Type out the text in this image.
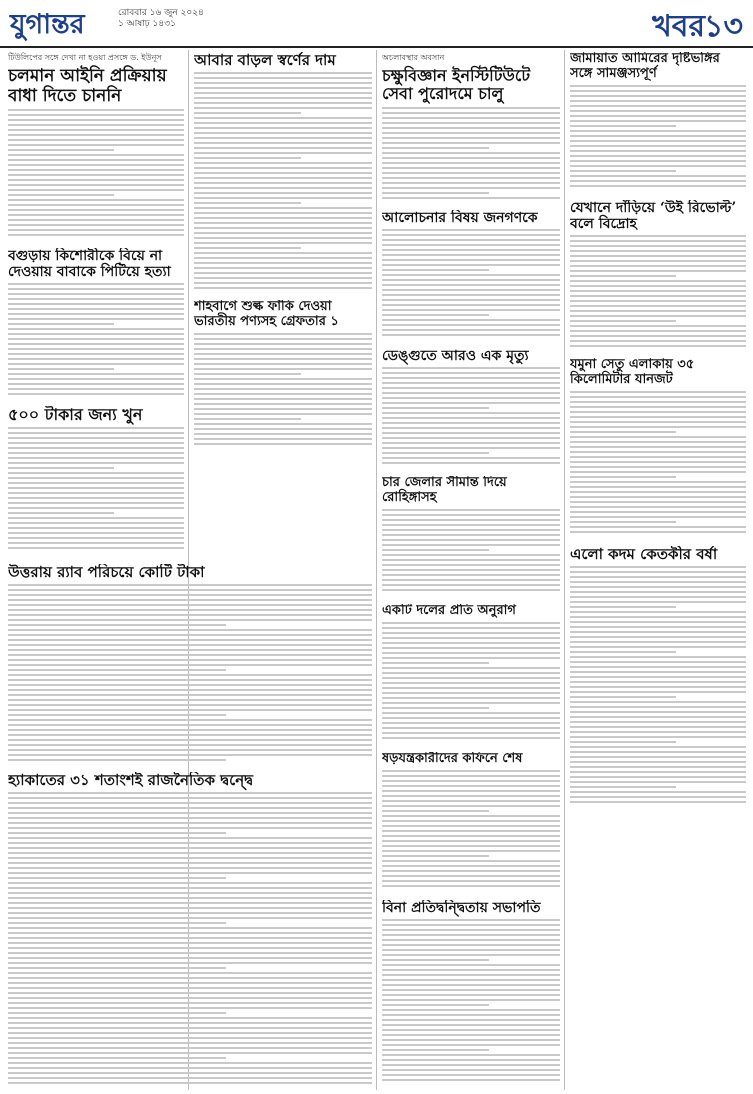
যুগান্তর	রোববার ১৬ জুন ২০২৪
১ আষাঢ় ১৪৩১	খবর ১৩
টিউলিপের সঙ্গে দেখা না হওয়া প্রসঙ্গে ড. ইউনূস
চলমান আইনি প্রক্রিয়ায় বাধা দিতে চাননি
আবার বাড়ল স্বর্ণের দাম	অচলাবস্থার অবসান
চক্ষুবিজ্ঞান ইনস্টিটিউটে সেবা পুরোদমে চালু
জামায়াত আমিরের দৃষ্টিভঙ্গির সঙ্গে সামঞ্জস্যপূর্ণ
আলোচনার বিষয় জনগণকে
যেখানে দাঁড়িয়ে ‘উই রিভোল্ট’ বলে বিদ্রোহ
বগুড়ায় কিশোরীকে বিয়ে না দেওয়ায় বাবাকে পিটিয়ে হত্যা
ডেঙ্গুতে আরও এক মৃত্যু
শাহবাগে শুল্ক ফাঁকি দেওয়া ভারতীয় পণ্যসহ গ্রেফতার ১
৫০০ টাকার জন্য খুন
চার জেলার সীমান্ত দিয়ে রোহিঙ্গাসহ
যমুনা সেতু এলাকায় ৩৫ কিলোমিটার যানজট
উত্তরায় র‌্যাব পরিচয়ে কোটি টাকা
একটি দলের প্রতি অনুরাগ
এলো কদম কেতকীর বর্ষা
হ্যাকাতের ৩১ শতাংশই রাজনৈতিক দ্বন্দ্বে
ষড়যন্ত্রকারীদের কফিনে শেষ
বিনা প্রতিদ্বন্দ্বিতায় সভাপতি
